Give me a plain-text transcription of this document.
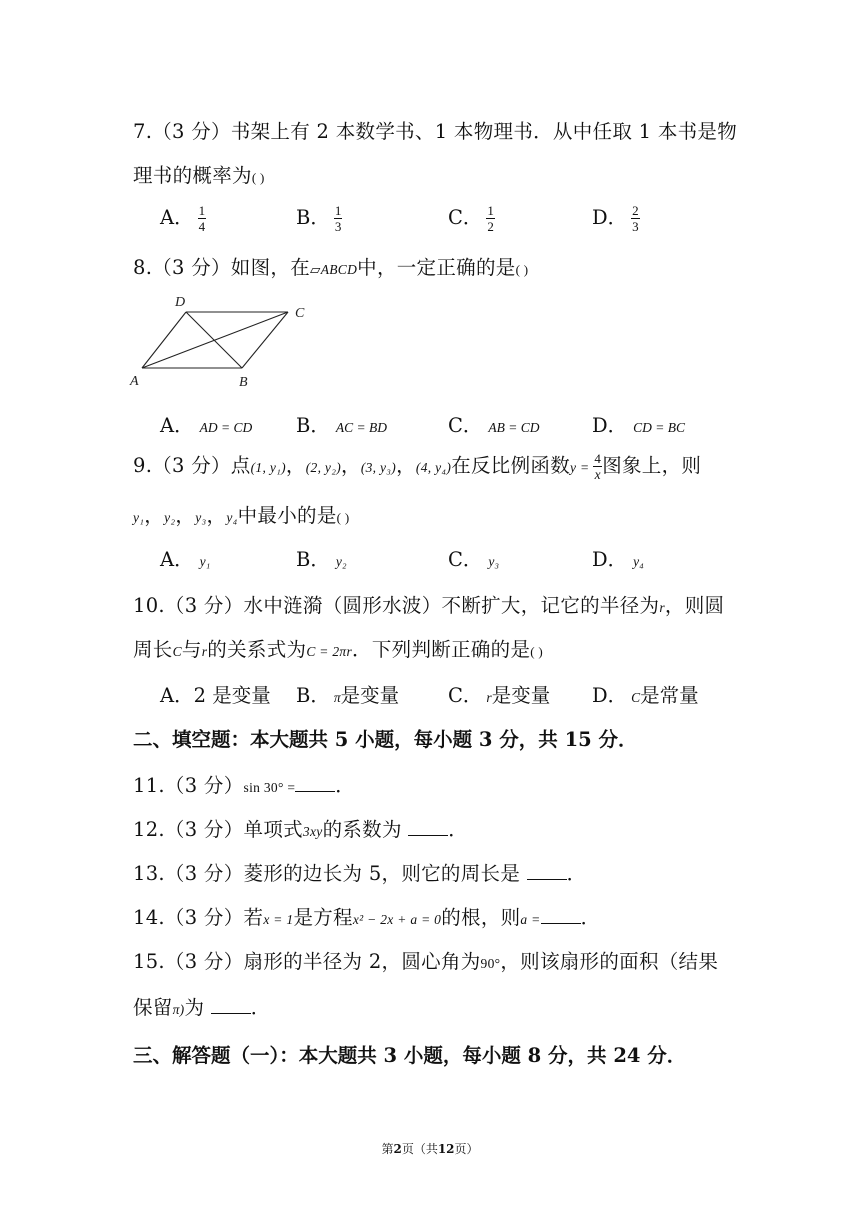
7.（3 分）书架上有 2 本数学书、1 本物理书．从中任取 1 本书是物
理书的概率为( )
A． $\frac{1}{4}$	B． $\frac{1}{3}$	C． $\frac{1}{2}$	D． $\frac{2}{3}$
8.（3 分）如图，在▱ABCD中，一定正确的是( )
A	B
C
D
A． AD = CD B． AC = BD	C． AB = CD	D． CD = BC
9.（3 分）点(1, y₁)，(2, y₂)，(3, y₃)，(4, y₄)在反比例函数$y = \frac{4}{x}$ 图象上，则
y₁，y₂，y₃，y₄中最小的是( )
A． y₁	B． y₂	C． y₃	D． y₄
10.（3 分）水中涟漪（圆形水波）不断扩大，记它的半径为r，则圆
周长C与r的关系式为C = 2πr．下列判断正确的是( )
A．2 是变量 B． π是变量	C． r是变量 D． C是常量
二、填空题：本大题共 5 小题，每小题 3 分，共 15 分．
11.（3 分）sin 30° = ．
12.（3 分）单项式3xy的系数为 ．
13.（3 分）菱形的边长为 5，则它的周长是 ．
14.（3 分）若x = 1是方程x² − 2x + a = 0的根，则a = ．
15.（3 分）扇形的半径为 2，圆心角为90°，则该扇形的面积（结果
保留π)为 ．
三、解答题（一）：本大题共 3 小题，每小题 8 分，共 24 分．
第2页（共12页）
